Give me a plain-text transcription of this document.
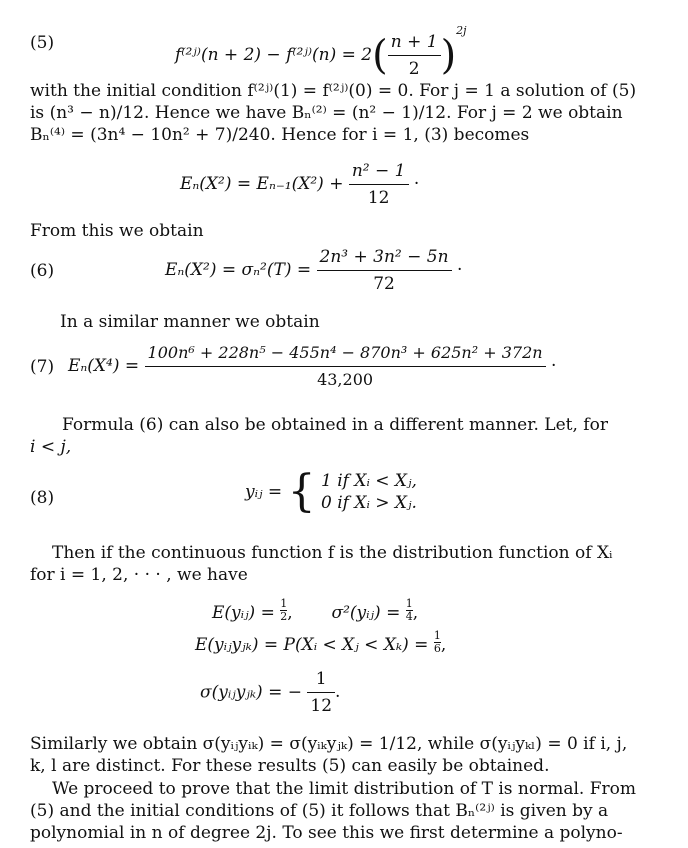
(5)
f⁽²ʲ⁾(n + 2) − f⁽²ʲ⁾(n) = $2( \frac{n + 1}{2} )^{2j}$

with the initial condition f⁽²ʲ⁾(1) = f⁽²ʲ⁾(0) = 0. For j = 1 a solution of (5)

is (n³ − n)/12. Hence we have Bₙ⁽²⁾ = (n² − 1)/12. For j = 2 we obtain

Bₙ⁽⁴⁾ = (3n⁴ − 10n² + 7)/240. Hence for i = 1, (3) becomes

$E_n(X^2) = E_{n-1}(X^2) + \frac{\text{n² − 1}}{12}$ ·

From this we obtain

(6)	$E_n(X^2) = \sigma_n^2(T) = \frac{\text{2n³ + 3n² − 5n}}{72}$ ·

In a similar manner we obtain

(7) $E_n(X^4) = \frac{\text{100n⁶ + 228n⁵ − 455n⁴ − 870n³ + 625n² + 372n}}{43,200}$ ·

Formula (6) can also be obtained in a different manner. Let, for

i < j,

(8)	yᵢⱼ = { 1 if Xᵢ < Xⱼ,
0 if Xᵢ > Xⱼ.

Then if the continuous function f is the distribution function of Xᵢ

for i = 1, 2, · · · , we have

E(yᵢⱼ) = $\frac{1}{2}$ , σ²(yᵢⱼ) = $\frac{1}{4}$ ,
E(yᵢⱼyⱼₖ) = P(Xᵢ < Xⱼ < $X_k) = \frac{1}{6}$ ,
σ(yᵢⱼyⱼₖ) = − $\frac{1}{12}$ .

Similarly we obtain σ(yᵢⱼyᵢₖ) = σ(yᵢₖyⱼₖ) = 1/12, while σ(yᵢⱼyₖₗ) = 0 if i, j,

k, l are distinct. For these results (5) can easily be obtained.

We proceed to prove that the limit distribution of T is normal. From

(5) and the initial conditions of (5) it follows that Bₙ⁽²ʲ⁾ is given by a

polynomial in n of degree 2j. To see this we first determine a polyno-
